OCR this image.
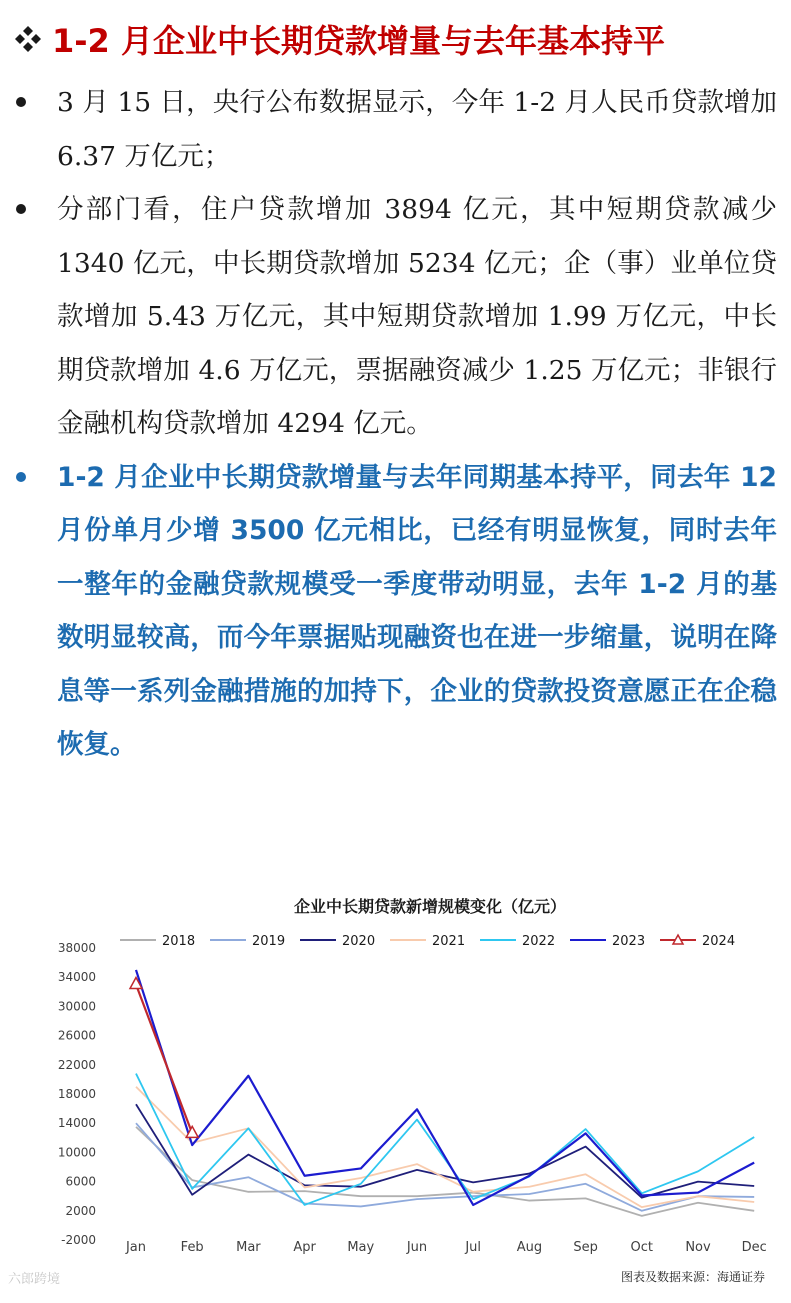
1-2 月企业中长期贷款增量与去年基本持平

3 月 15 日，央行公布数据显示，今年 1-2 月人民币贷款增加 6.37 万亿元；

分部门看，住户贷款增加 3894 亿元，其中短期贷款减少 1340 亿元，中长期贷款增加 5234 亿元；企（事）业单位贷款增加 5.43 万亿元，其中短期贷款增加 1.99 万亿元，中长期贷款增加 4.6 万亿元，票据融资减少 1.25 万亿元；非银行金融机构贷款增加 4294 亿元。

1-2 月企业中长期贷款增量与去年同期基本持平，同去年 12 月份单月少增 3500 亿元相比，已经有明显恢复，同时去年一整年的金融贷款规模受一季度带动明显，去年 1-2 月的基数明显较高，而今年票据贴现融资也在进一步缩量，说明在降息等一系列金融措施的加持下，企业的贷款投资意愿正在企稳恢复。

企业中长期贷款新增规模变化（亿元）
-2000
2000
6000
10000
14000
18000
22000
26000
30000
34000
38000
Jan	Feb Mar	Apr May	Jun	Jul	Aug Sep	Oct Nov Dec
2018	2019	2020	2021	2022	2023	2024
六郎跨境	图表及数据来源：海通证券
